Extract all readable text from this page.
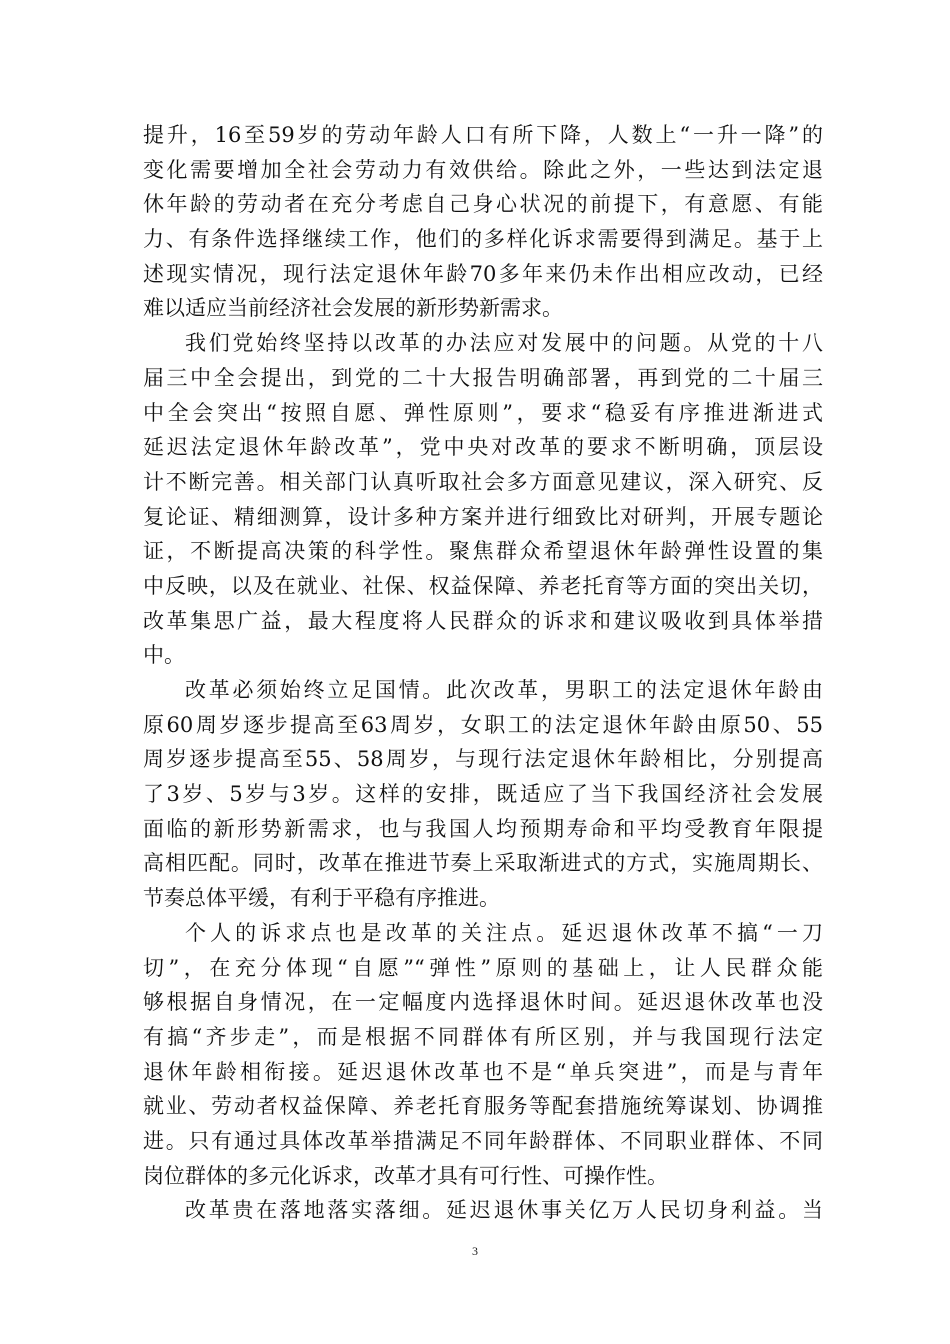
提升，16至59岁的劳动年龄人口有所下降，人数上“一升一降”的
变化需要增加全社会劳动力有效供给。除此之外，一些达到法定退
休年龄的劳动者在充分考虑自己身心状况的前提下，有意愿、有能
力、有条件选择继续工作，他们的多样化诉求需要得到满足。基于上
述现实情况，现行法定退休年龄70多年来仍未作出相应改动，已经
难以适应当前经济社会发展的新形势新需求。
我们党始终坚持以改革的办法应对发展中的问题。从党的十八
届三中全会提出，到党的二十大报告明确部署，再到党的二十届三
中全会突出“按照自愿、弹性原则”，要求“稳妥有序推进渐进式
延迟法定退休年龄改革”，党中央对改革的要求不断明确，顶层设
计不断完善。相关部门认真听取社会多方面意见建议，深入研究、反
复论证、精细测算，设计多种方案并进行细致比对研判，开展专题论
证，不断提高决策的科学性。聚焦群众希望退休年龄弹性设置的集
中反映，以及在就业、社保、权益保障、养老托育等方面的突出关切，
改革集思广益，最大程度将人民群众的诉求和建议吸收到具体举措
中。
改革必须始终立足国情。此次改革，男职工的法定退休年龄由
原60周岁逐步提高至63周岁，女职工的法定退休年龄由原50、55
周岁逐步提高至55、58周岁，与现行法定退休年龄相比，分别提高
了3岁、5岁与3岁。这样的安排，既适应了当下我国经济社会发展
面临的新形势新需求，也与我国人均预期寿命和平均受教育年限提
高相匹配。同时，改革在推进节奏上采取渐进式的方式，实施周期长、
节奏总体平缓，有利于平稳有序推进。
个人的诉求点也是改革的关注点。延迟退休改革不搞“一刀
切”，在充分体现“自愿”“弹性”原则的基础上，让人民群众能
够根据自身情况，在一定幅度内选择退休时间。延迟退休改革也没
有搞“齐步走”，而是根据不同群体有所区别，并与我国现行法定
退休年龄相衔接。延迟退休改革也不是“单兵突进”，而是与青年
就业、劳动者权益保障、养老托育服务等配套措施统筹谋划、协调推
进。只有通过具体改革举措满足不同年龄群体、不同职业群体、不同
岗位群体的多元化诉求，改革才具有可行性、可操作性。
改革贵在落地落实落细。延迟退休事关亿万人民切身利益。当
3
